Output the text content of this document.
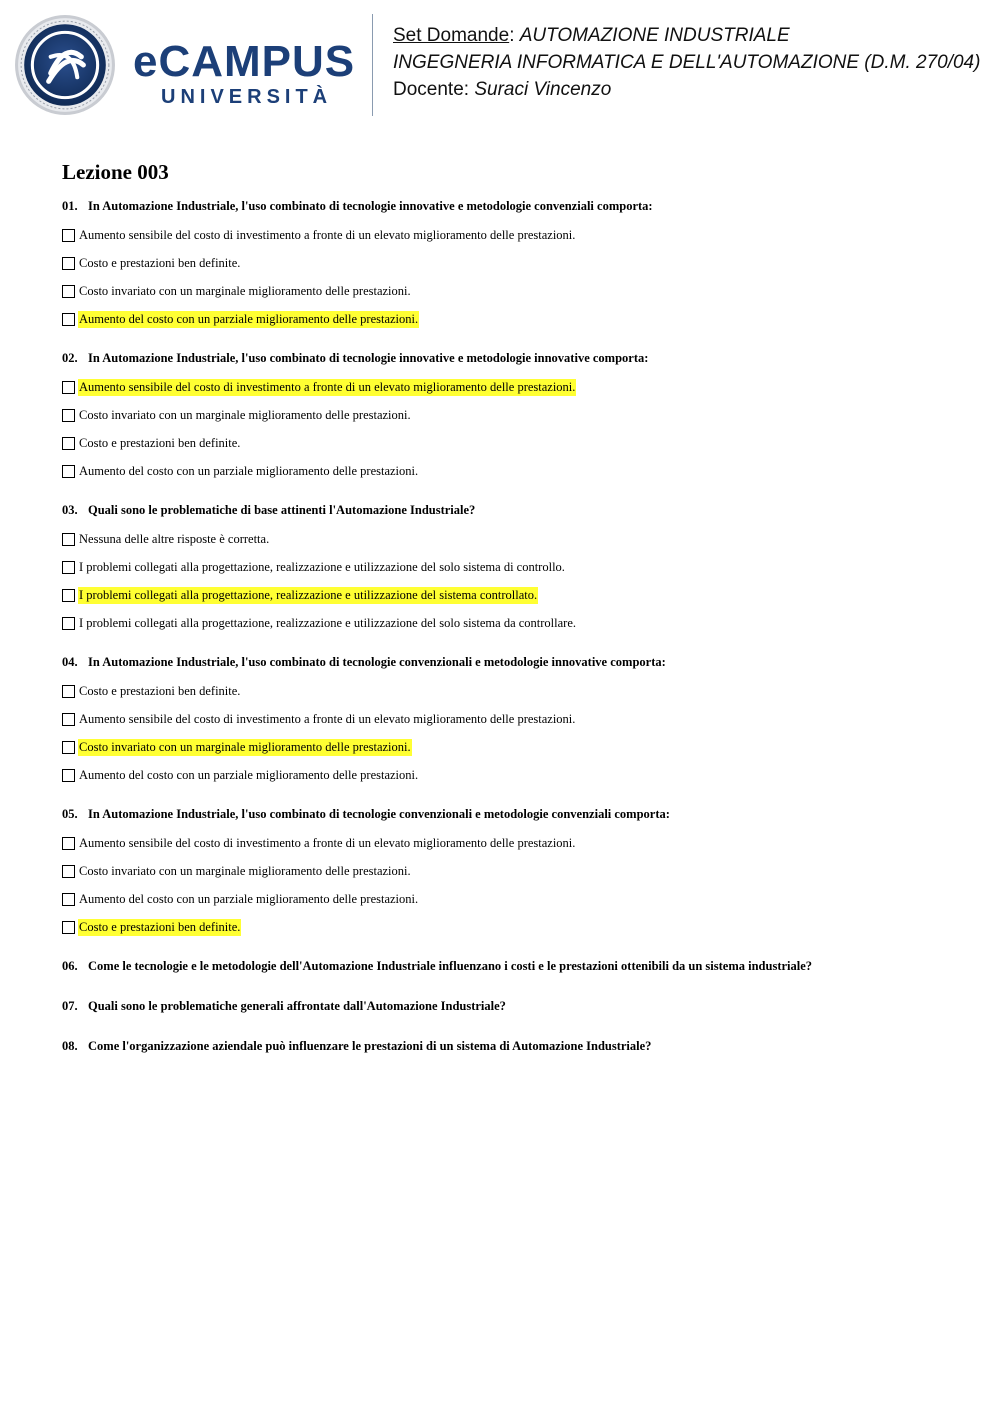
eCAMPUS
UNIVERSITÀ
Set Domande: AUTOMAZIONE INDUSTRIALE
INGEGNERIA INFORMATICA E DELL'AUTOMAZIONE (D.M. 270/04)
Docente: Suraci Vincenzo
Lezione 003
01. In Automazione Industriale, l'uso combinato di tecnologie innovative e metodologie convenziali comporta:
Aumento sensibile del costo di investimento a fronte di un elevato miglioramento delle prestazioni.
Costo e prestazioni ben definite.
Costo invariato con un marginale miglioramento delle prestazioni.
Aumento del costo con un parziale miglioramento delle prestazioni.
02. In Automazione Industriale, l'uso combinato di tecnologie innovative e metodologie innovative comporta:
Aumento sensibile del costo di investimento a fronte di un elevato miglioramento delle prestazioni.
Costo invariato con un marginale miglioramento delle prestazioni.
Costo e prestazioni ben definite.
Aumento del costo con un parziale miglioramento delle prestazioni.
03. Quali sono le problematiche di base attinenti l'Automazione Industriale?
Nessuna delle altre risposte è corretta.
I problemi collegati alla progettazione, realizzazione e utilizzazione del solo sistema di controllo.
I problemi collegati alla progettazione, realizzazione e utilizzazione del sistema controllato.
I problemi collegati alla progettazione, realizzazione e utilizzazione del solo sistema da controllare.
04. In Automazione Industriale, l'uso combinato di tecnologie convenzionali e metodologie innovative comporta:
Costo e prestazioni ben definite.
Aumento sensibile del costo di investimento a fronte di un elevato miglioramento delle prestazioni.
Costo invariato con un marginale miglioramento delle prestazioni.
Aumento del costo con un parziale miglioramento delle prestazioni.
05. In Automazione Industriale, l'uso combinato di tecnologie convenzionali e metodologie convenziali comporta:
Aumento sensibile del costo di investimento a fronte di un elevato miglioramento delle prestazioni.
Costo invariato con un marginale miglioramento delle prestazioni.
Aumento del costo con un parziale miglioramento delle prestazioni.
Costo e prestazioni ben definite.
06. Come le tecnologie e le metodologie dell'Automazione Industriale influenzano i costi e le prestazioni ottenibili da un sistema industriale?
07. Quali sono le problematiche generali affrontate dall'Automazione Industriale?
08. Come l'organizzazione aziendale può influenzare le prestazioni di un sistema di Automazione Industriale?
